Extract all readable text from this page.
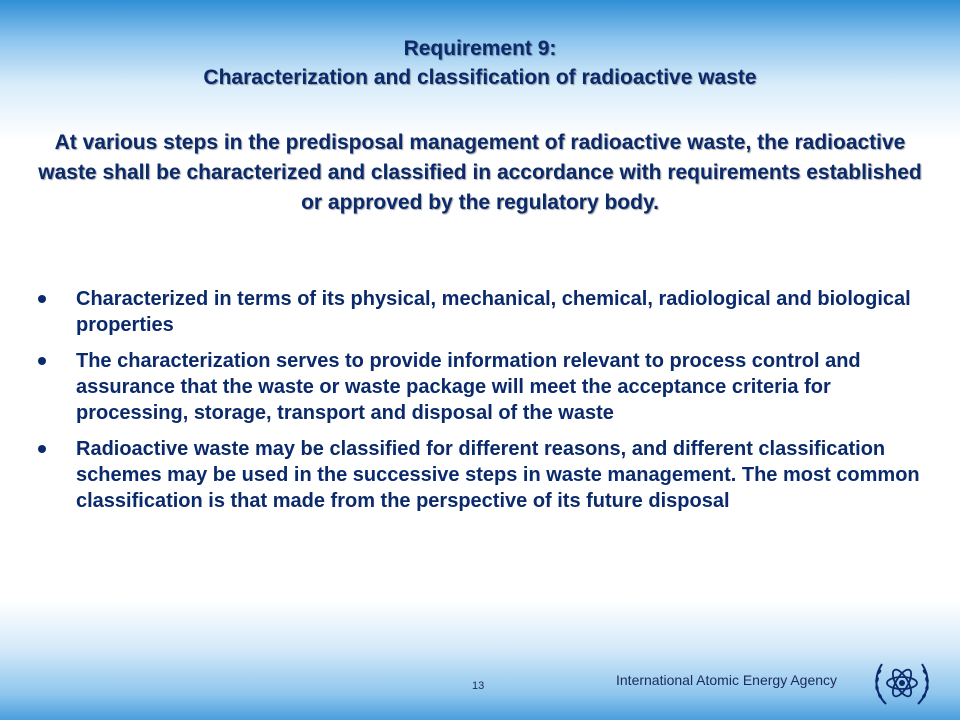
Requirement 9:
Characterization and classification of radioactive waste
At various steps in the predisposal management of radioactive waste, the radioactive waste shall be characterized and classified in accordance with requirements established or approved by the regulatory body.
Characterized in terms of its physical, mechanical, chemical, radiological and biological properties
The characterization serves to provide information relevant to process control and assurance that the waste or waste package will meet the acceptance criteria for processing, storage, transport and disposal of the waste
Radioactive waste may be classified for different reasons, and different classification schemes may be used in the successive steps in waste management. The most common classification is that made from the perspective of its future disposal
13	International Atomic Energy Agency
